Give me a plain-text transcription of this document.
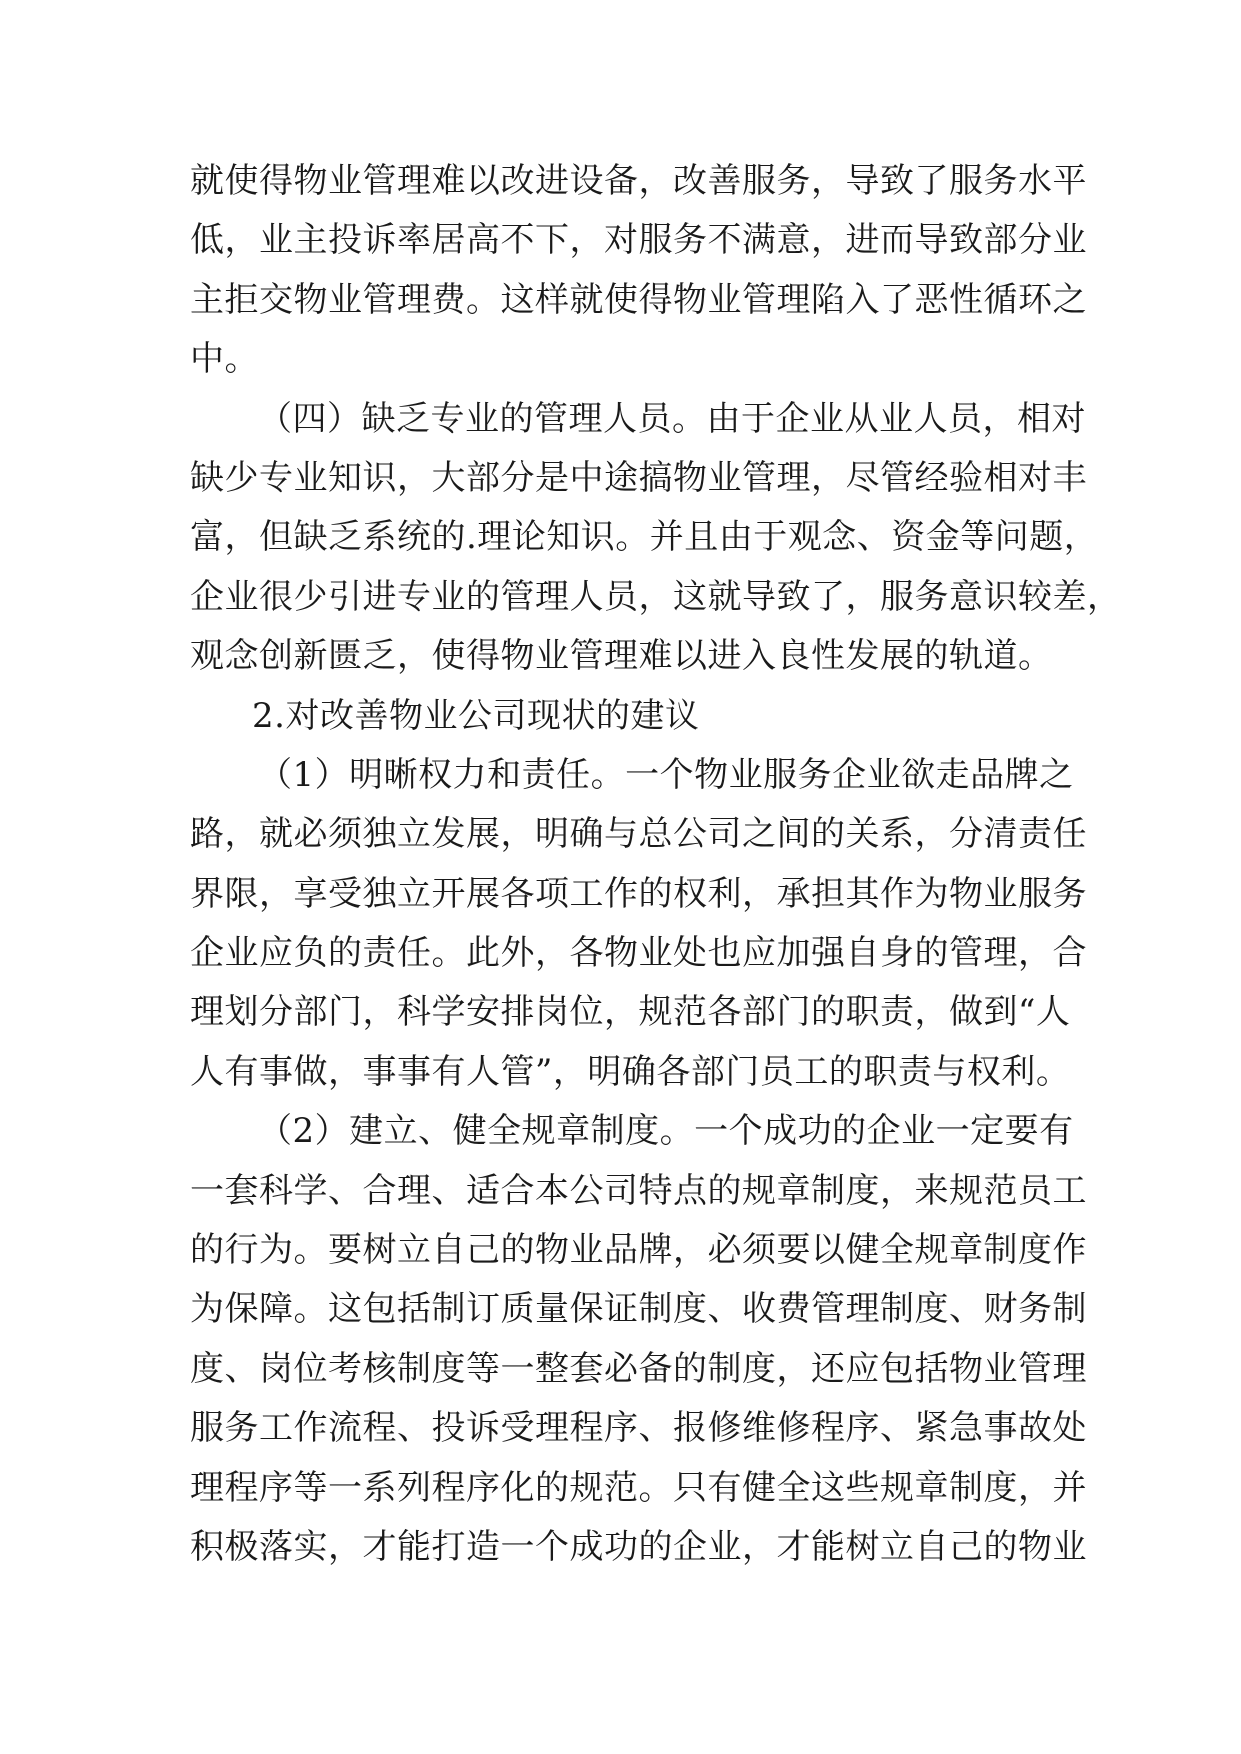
就使得物业管理难以改进设备，改善服务，导致了服务水平
低，业主投诉率居高不下，对服务不满意，进而导致部分业
主拒交物业管理费。这样就使得物业管理陷入了恶性循环之
中。
（四）缺乏专业的管理人员。由于企业从业人员，相对
缺少专业知识，大部分是中途搞物业管理，尽管经验相对丰
富，但缺乏系统的.理论知识。并且由于观念、资金等问题，
企业很少引进专业的管理人员，这就导致了，服务意识较差，
观念创新匮乏，使得物业管理难以进入良性发展的轨道。
2.对改善物业公司现状的建议
（1）明晰权力和责任。一个物业服务企业欲走品牌之
路，就必须独立发展，明确与总公司之间的关系，分清责任
界限，享受独立开展各项工作的权利，承担其作为物业服务
企业应负的责任。此外，各物业处也应加强自身的管理，合
理划分部门，科学安排岗位，规范各部门的职责，做到“人
人有事做，事事有人管”，明确各部门员工的职责与权利。
（2）建立、健全规章制度。一个成功的企业一定要有
一套科学、合理、适合本公司特点的规章制度，来规范员工
的行为。要树立自己的物业品牌，必须要以健全规章制度作
为保障。这包括制订质量保证制度、收费管理制度、财务制
度、岗位考核制度等一整套必备的制度，还应包括物业管理
服务工作流程、投诉受理程序、报修维修程序、紧急事故处
理程序等一系列程序化的规范。只有健全这些规章制度，并
积极落实，才能打造一个成功的企业，才能树立自己的物业
